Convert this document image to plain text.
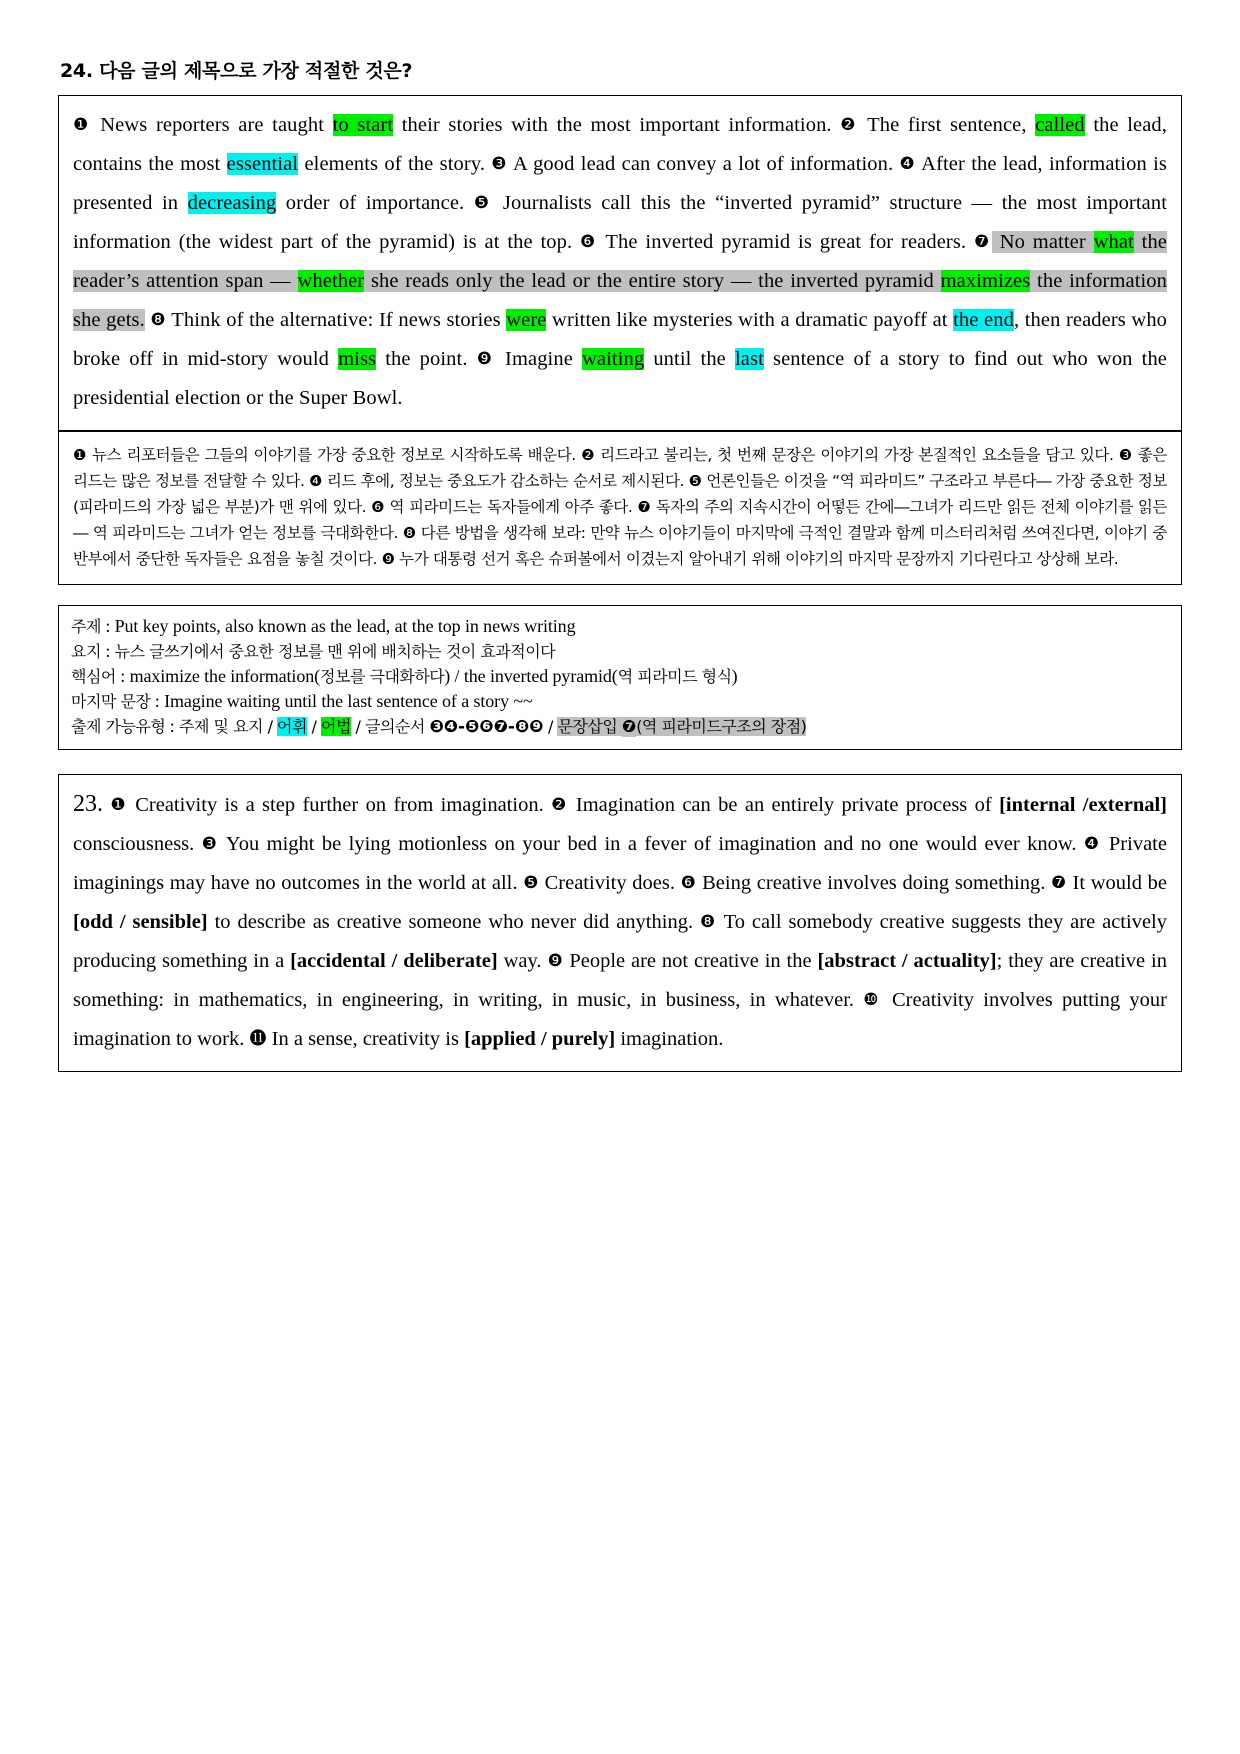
24. 다음 글의 제목으로 가장 적절한 것은?

❶ News reporters are taught to start their stories with the most important information. ❷ The first sentence, called the lead, contains the most essential elements of the story. ❸ A good lead can convey a lot of information. ❹ After the lead, information is presented in decreasing order of importance. ❺ Journalists call this the “inverted pyramid” structure ― the most important information (the widest part of the pyramid) is at the top. ❻ The inverted pyramid is great for readers. ❼ No matter what the reader’s attention span ― whether she reads only the lead or the entire story ― the inverted pyramid maximizes the information she gets. ❽ Think of the alternative: If news stories were written like mysteries with a dramatic payoff at the end, then readers who broke off in mid-story would miss the point. ❾ Imagine waiting until the last sentence of a story to find out who won the presidential election or the Super Bowl.

❶ 뉴스 리포터들은 그들의 이야기를 가장 중요한 정보로 시작하도록 배운다. ❷ 리드라고 불리는, 첫 번째 문장은 이야기의 가장 본질적인 요소들을 담고 있다. ❸ 좋은 리드는 많은 정보를 전달할 수 있다. ❹ 리드 후에, 정보는 중요도가 감소하는 순서로 제시된다. ❺ 언론인들은 이것을 “역 피라미드” 구조라고 부른다― 가장 중요한 정보 (피라미드의 가장 넓은 부분)가 맨 위에 있다. ❻ 역 피라미드는 독자들에게 아주 좋다. ❼ 독자의 주의 지속시간이 어떻든 간에―그녀가 리드만 읽든 전체 이야기를 읽든 ― 역 피라미드는 그녀가 얻는 정보를 극대화한다. ❽ 다른 방법을 생각해 보라: 만약 뉴스 이야기들이 마지막에 극적인 결말과 함께 미스터리처럼 쓰여진다면, 이야기 중반부에서 중단한 독자들은 요점을 놓칠 것이다. ❾ 누가 대통령 선거 혹은 슈퍼볼에서 이겼는지 알아내기 위해 이야기의 마지막 문장까지 기다린다고 상상해 보라.

주제 : Put key points, also known as the lead, at the top in news writing
요지 : 뉴스 글쓰기에서 중요한 정보를 맨 위에 배치하는 것이 효과적이다
핵심어 : maximize the information(정보를 극대화하다) / the inverted pyramid(역 피라미드 형식)
마지막 문장 : Imagine waiting until the last sentence of a story ~~
출제 가능유형 : 주제 및 요지 / 어휘 / 어법 / 글의순서 ❸❹-❺❻❼-❽❾ / 문장삽입 ❼(역 피라미드구조의 장점)

23. ❶ Creativity is a step further on from imagination. ❷ Imagination can be an entirely private process of [internal /external] consciousness. ❸ You might be lying motionless on your bed in a fever of imagination and no one would ever know. ❹ Private imaginings may have no outcomes in the world at all. ❺ Creativity does. ❻ Being creative involves doing something. ❼ It would be [odd / sensible] to describe as creative someone who never did anything. ❽ To call somebody creative suggests they are actively producing something in a [accidental / deliberate] way. ❾ People are not creative in the [abstract / actuality]; they are creative in something: in mathematics, in engineering, in writing, in music, in business, in whatever. ❿ Creativity involves putting your imagination to work. ⓫ In a sense, creativity is [applied / purely] imagination.
